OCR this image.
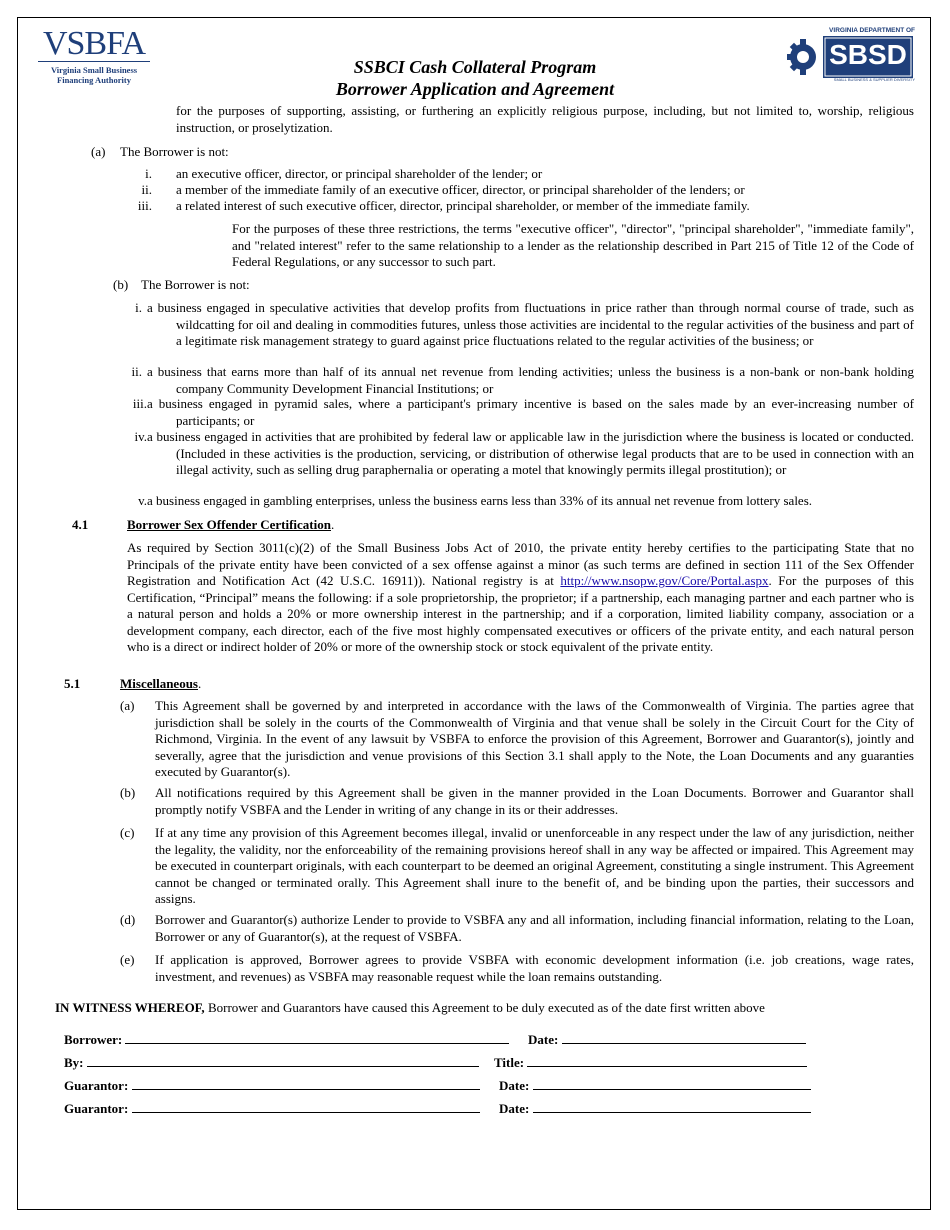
VSBFA
Virginia Small Business
Financing Authority
VIRGINIA DEPARTMENT OF
SBSD
SMALL BUSINESS & SUPPLIER DIVERSITY
SSBCI Cash Collateral Program
Borrower Application and Agreement
for the purposes of supporting, assisting, or furthering an explicitly religious purpose, including, but not limited to, worship, religious instruction, or proselytization.
(a) The Borrower is not:
i. an executive officer, director, or principal shareholder of the lender; or
ii. a member of the immediate family of an executive officer, director, or principal shareholder of the lenders; or
iii. a related interest of such executive officer, director, principal shareholder, or member of the immediate family.
For the purposes of these three restrictions, the terms "executive officer", "director", "principal shareholder", "immediate family", and "related interest" refer to the same relationship to a lender as the relationship described in Part 215 of Title 12 of the Code of Federal Regulations, or any successor to such part.
(b) The Borrower is not:
i. a business engaged in speculative activities that develop profits from fluctuations in price rather than through normal course of trade, such as wildcatting for oil and dealing in commodities futures, unless those activities are incidental to the regular activities of the business and part of a legitimate risk management strategy to guard against price fluctuations related to the regular activities of the business; or
ii. a business that earns more than half of its annual net revenue from lending activities; unless the business is a non-bank or non-bank holding company Community Development Financial Institutions; or
iii. a business engaged in pyramid sales, where a participant's primary incentive is based on the sales made by an ever-increasing number of participants; or
iv. a business engaged in activities that are prohibited by federal law or applicable law in the jurisdiction where the business is located or conducted. (Included in these activities is the production, servicing, or distribution of otherwise legal products that are to be used in connection with an illegal activity, such as selling drug paraphernalia or operating a motel that knowingly permits illegal prostitution); or
v. a business engaged in gambling enterprises, unless the business earns less than 33% of its annual net revenue from lottery sales.
4.1	Borrower Sex Offender Certification.
As required by Section 3011(c)(2) of the Small Business Jobs Act of 2010, the private entity hereby certifies to the participating State that no Principals of the private entity have been convicted of a sex offense against a minor (as such terms are defined in section 111 of the Sex Offender Registration and Notification Act (42 U.S.C. 16911)). National registry is at http://www.nsopw.gov/Core/Portal.aspx. For the purposes of this Certification, “Principal” means the following: if a sole proprietorship, the proprietor; if a partnership, each managing partner and each partner who is a natural person and holds a 20% or more ownership interest in the partnership; and if a corporation, limited liability company, association or a development company, each director, each of the five most highly compensated executives or officers of the private entity, and each natural person who is a direct or indirect holder of 20% or more of the ownership stock or stock equivalent of the private entity.
5.1	Miscellaneous.
(a) This Agreement shall be governed by and interpreted in accordance with the laws of the Commonwealth of Virginia. The parties agree that jurisdiction shall be solely in the courts of the Commonwealth of Virginia and that venue shall be solely in the Circuit Court for the City of Richmond, Virginia. In the event of any lawsuit by VSBFA to enforce the provision of this Agreement, Borrower and Guarantor(s), jointly and severally, agree that the jurisdiction and venue provisions of this Section 3.1 shall apply to the Note, the Loan Documents and any guaranties executed by Guarantor(s).
(b) All notifications required by this Agreement shall be given in the manner provided in the Loan Documents. Borrower and Guarantor shall promptly notify VSBFA and the Lender in writing of any change in its or their addresses.
(c) If at any time any provision of this Agreement becomes illegal, invalid or unenforceable in any respect under the law of any jurisdiction, neither the legality, the validity, nor the enforceability of the remaining provisions hereof shall in any way be affected or impaired. This Agreement may be executed in counterpart originals, with each counterpart to be deemed an original Agreement, constituting a single instrument. This Agreement cannot be changed or terminated orally. This Agreement shall inure to the benefit of, and be binding upon the parties, their successors and assigns.
(d) Borrower and Guarantor(s) authorize Lender to provide to VSBFA any and all information, including financial information, relating to the Loan, Borrower or any of Guarantor(s), at the request of VSBFA.
(e) If application is approved, Borrower agrees to provide VSBFA with economic development information (i.e. job creations, wage rates, investment, and revenues) as VSBFA may reasonable request while the loan remains outstanding.
IN WITNESS WHEREOF, Borrower and Guarantors have caused this Agreement to be duly executed as of the date first written above
Borrower:	Date:
By:	Title:
Guarantor:	Date:
Guarantor:	Date:
